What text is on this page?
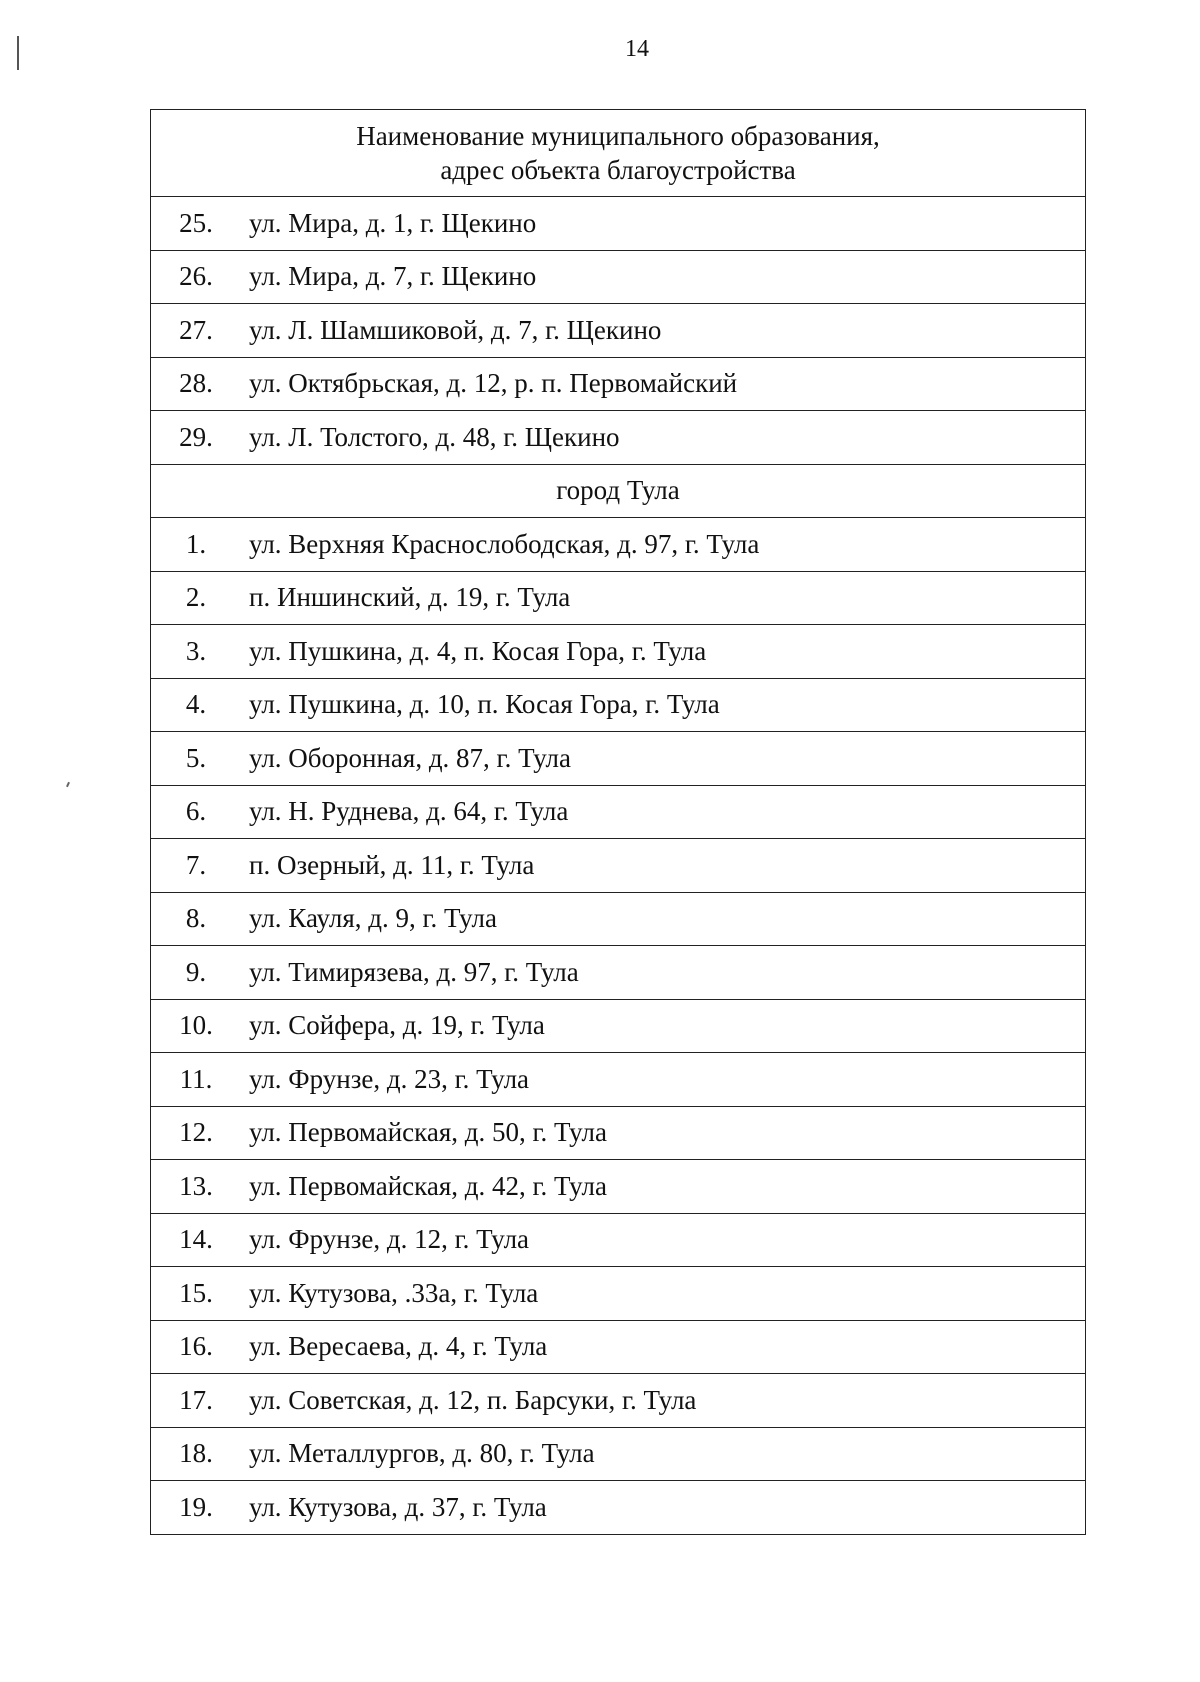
14
Наименование муниципального образования,
адрес объекта благоустройства

25.	ул. Мира, д. 1, г. Щекино

26.	ул. Мира, д. 7, г. Щекино

27.	ул. Л. Шамшиковой, д. 7, г. Щекино

28.	ул. Октябрьская, д. 12, р. п. Первомайский

29.	ул. Л. Толстого, д. 48, г. Щекино

город Тула

1.	ул. Верхняя Краснослободская, д. 97, г. Тула

2.	п. Иншинский, д. 19, г. Тула

3.	ул. Пушкина, д. 4, п. Косая Гора, г. Тула

4.	ул. Пушкина, д. 10, п. Косая Гора, г. Тула

5.	ул. Оборонная, д. 87, г. Тула

6.	ул. Н. Руднева, д. 64, г. Тула

7.	п. Озерный, д. 11, г. Тула

8.	ул. Кауля, д. 9, г. Тула

9.	ул. Тимирязева, д. 97, г. Тула

10.	ул. Сойфера, д. 19, г. Тула

11.	ул. Фрунзе, д. 23, г. Тула

12.	ул. Первомайская, д. 50, г. Тула

13.	ул. Первомайская, д. 42, г. Тула

14.	ул. Фрунзе, д. 12, г. Тула

15.	ул. Кутузова, .33а, г. Тула

16.	ул. Вересаева, д. 4, г. Тула

17.	ул. Советская, д. 12, п. Барсуки, г. Тула

18.	ул. Металлургов, д. 80, г. Тула

19.	ул. Кутузова, д. 37, г. Тула
